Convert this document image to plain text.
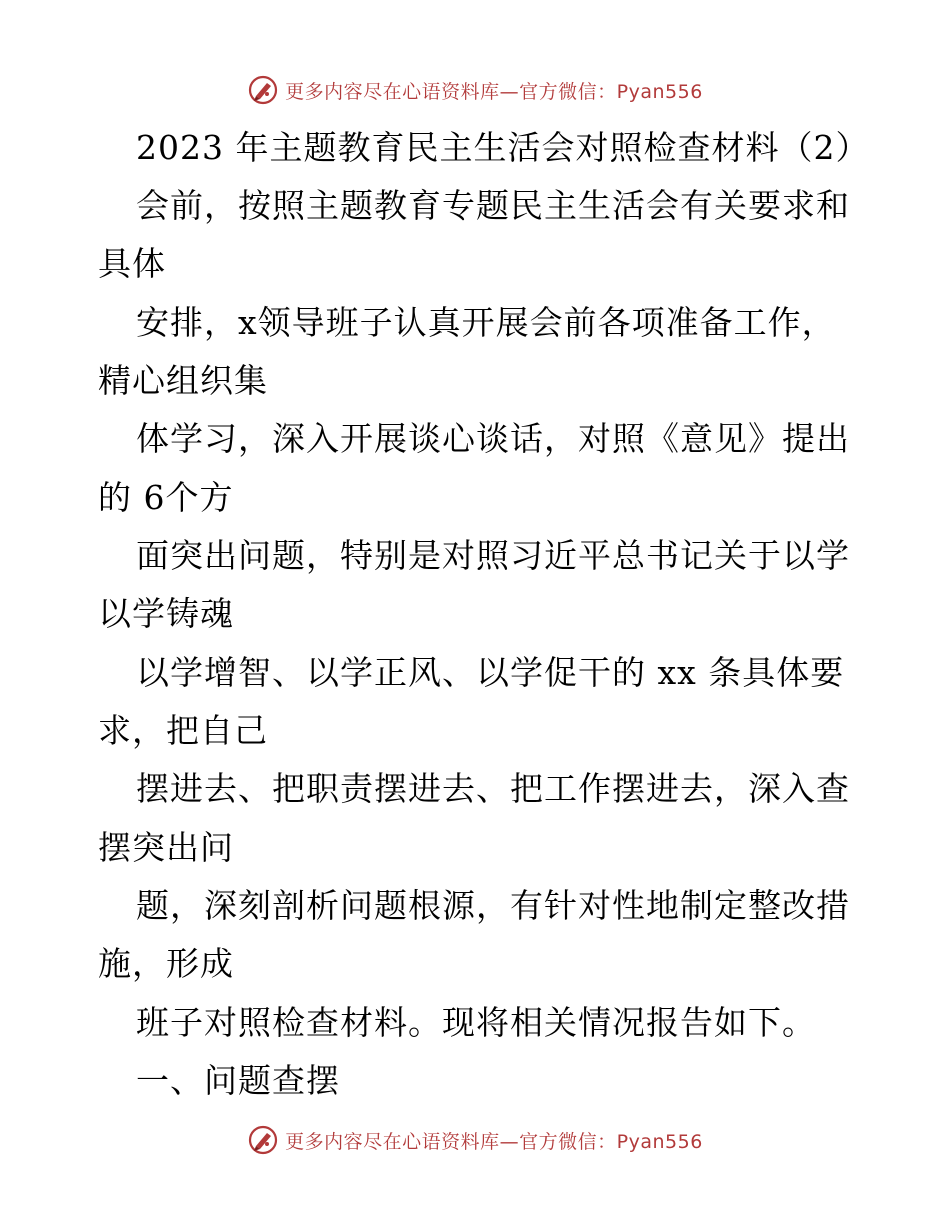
更多内容尽在心语资料库—官方微信：Pyan556
2023 年主题教育民主生活会对照检查材料（2）
会前，按照主题教育专题民主生活会有关要求和
具体
安排，x领导班子认真开展会前各项准备工作，
精心组织集
体学习，深入开展谈心谈话，对照《意见》提出
的 6个方
面突出问题，特别是对照习近平总书记关于以学
以学铸魂
以学增智、以学正风、以学促干的 xx 条具体要
求，把自己
摆进去、把职责摆进去、把工作摆进去，深入查
摆突出问
题，深刻剖析问题根源，有针对性地制定整改措
施，形成
班子对照检查材料。现将相关情况报告如下。
一、问题查摆
更多内容尽在心语资料库—官方微信：Pyan556
